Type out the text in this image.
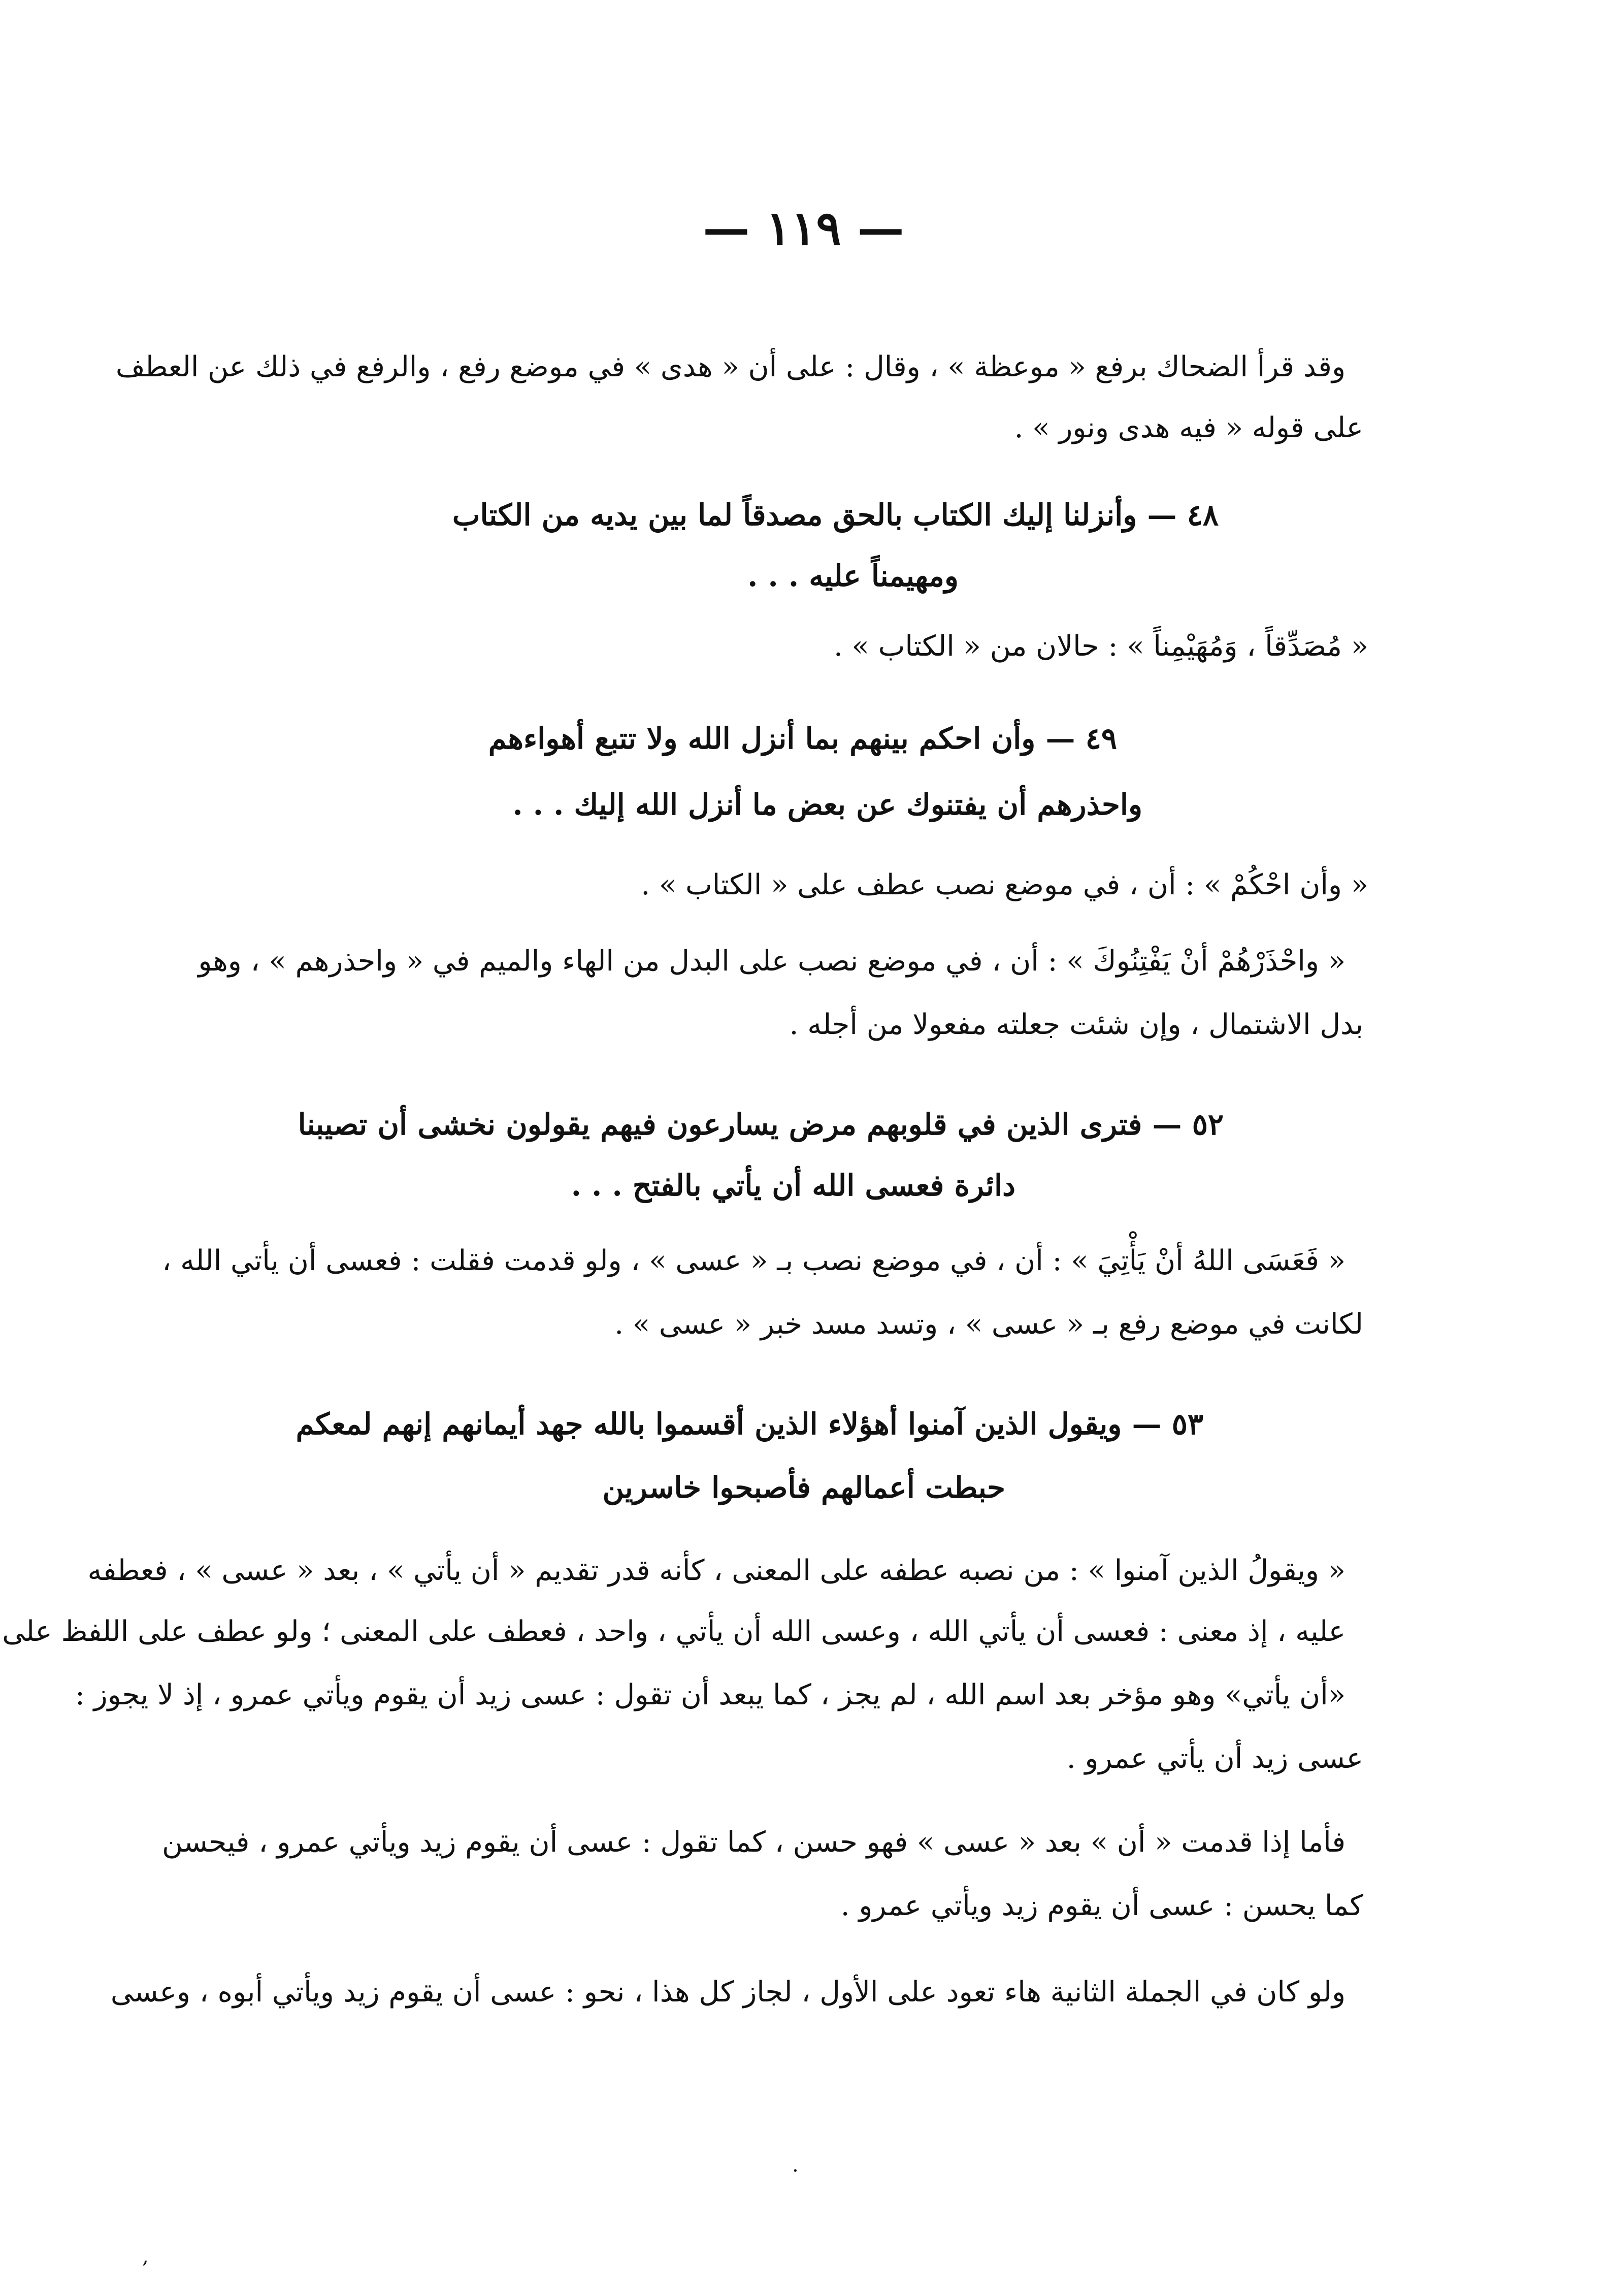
— ١١٩ —
وقد قرأ الضحاك برفع « موعظة » ، وقال : على أن « هدى » في موضع رفع ، والرفع في ذلك عن العطف
على قوله « فيه هدى ونور » .
٤٨ — وأنزلنا إليك الكتاب بالحق مصدقاً لما بين يديه من الكتاب
ومهيمناً عليه . . .
« مُصَدِّقاً ، وَمُهَيْمِناً » : حالان من « الكتاب » .
٤٩ — وأن احكم بينهم بما أنزل الله ولا تتبع أهواءهم
واحذرهم أن يفتنوك عن بعض ما أنزل الله إليك . . .
« وأن احْكُمْ » : أن ، في موضع نصب عطف على « الكتاب » .
« واحْذَرْهُمْ أنْ يَفْتِنُوكَ » : أن ، في موضع نصب على البدل من الهاء والميم في « واحذرهم » ، وهو
بدل الاشتمال ، وإن شئت جعلته مفعولا من أجله .
٥٢ — فترى الذين في قلوبهم مرض يسارعون فيهم يقولون نخشى أن تصيبنا
دائرة فعسى الله أن يأتي بالفتح . . .
« فَعَسَى اللهُ أنْ يَأْتِيَ » : أن ، في موضع نصب بـ « عسى » ، ولو قدمت فقلت : فعسى أن يأتي الله ،
لكانت في موضع رفع بـ « عسى » ، وتسد مسد خبر « عسى » .
٥٣ — ويقول الذين آمنوا أهؤلاء الذين أقسموا بالله جهد أيمانهم إنهم لمعكم
حبطت أعمالهم فأصبحوا خاسرين
« ويقولُ الذين آمنوا » : من نصبه عطفه على المعنى ، كأنه قدر تقديم « أن يأتي » ، بعد « عسى » ، فعطفه
عليه ، إذ معنى : فعسى أن يأتي الله ، وعسى الله أن يأتي ، واحد ، فعطف على المعنى ؛ ولو عطف على اللفظ على
«أن يأتي» وهو مؤخر بعد اسم الله ، لم يجز ، كما يبعد أن تقول : عسى زيد أن يقوم ويأتي عمرو ، إذ لا يجوز :
عسى زيد أن يأتي عمرو .
فأما إذا قدمت « أن » بعد « عسى » فهو حسن ، كما تقول : عسى أن يقوم زيد ويأتي عمرو ، فيحسن
كما يحسن : عسى أن يقوم زيد ويأتي عمرو .
ولو كان في الجملة الثانية هاء تعود على الأول ، لجاز كل هذا ، نحو : عسى أن يقوم زيد ويأتي أبوه ، وعسى
.
,
